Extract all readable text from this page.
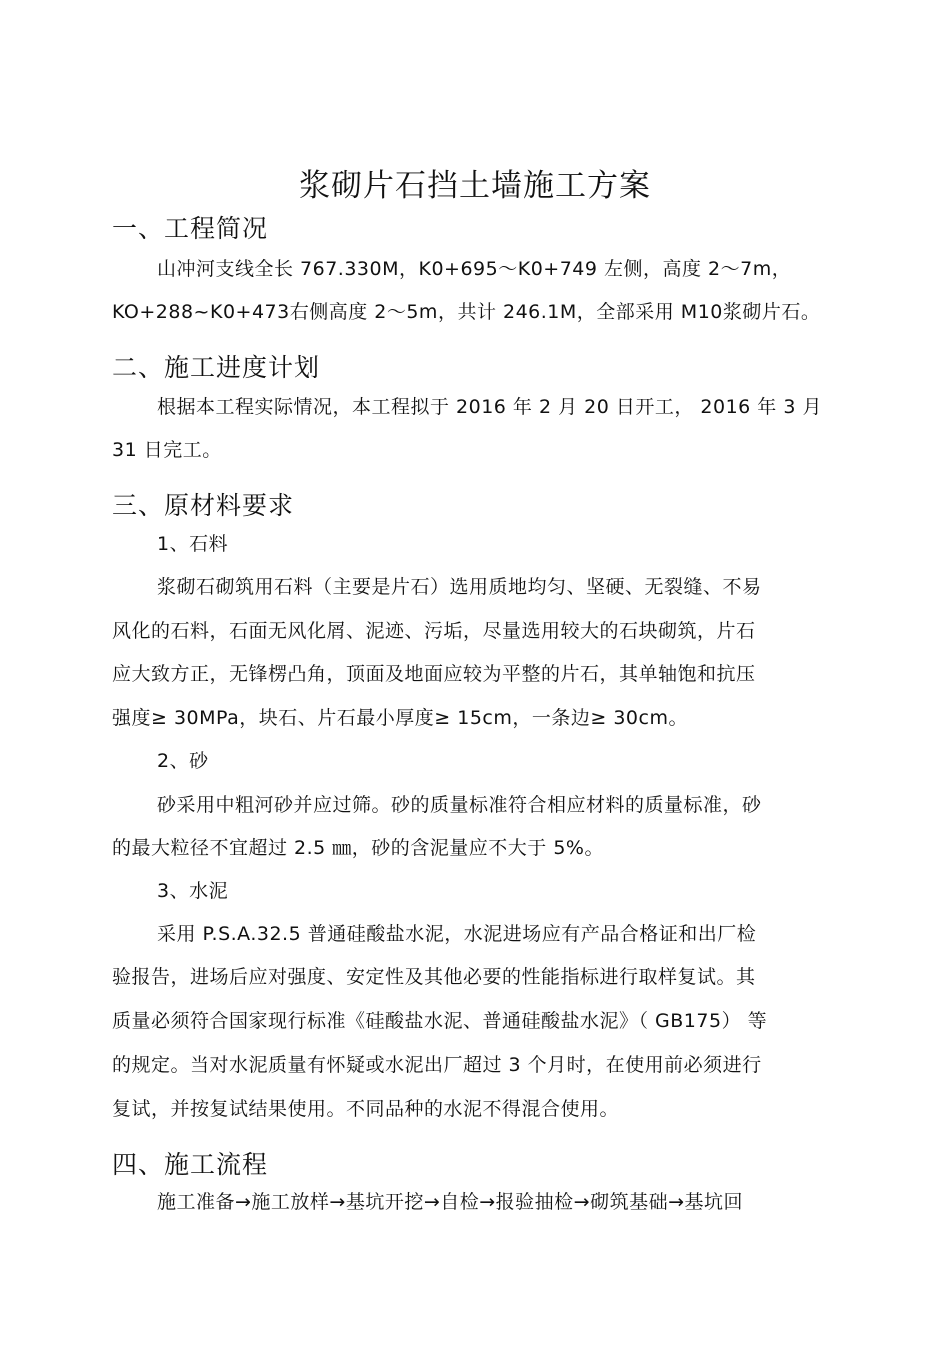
浆砌片石挡土墙施工方案
一、工程简况
山冲河支线全长 767.330M，K0+695～K0+749 左侧，高度 2～7m，
KO+288~K0+473右侧高度 2～5m，共计 246.1M，全部采用 M10浆砌片石。
二、施工进度计划
根据本工程实际情况，本工程拟于 2016 年 2 月 20 日开工， 2016 年 3 月
31 日完工。
三、原材料要求
1、石料
浆砌石砌筑用石料（主要是片石）选用质地均匀、坚硬、无裂缝、不易
风化的石料，石面无风化屑、泥迹、污垢，尽量选用较大的石块砌筑，片石
应大致方正，无锋楞凸角，顶面及地面应较为平整的片石，其单轴饱和抗压
强度≥ 30MPa，块石、片石最小厚度≥ 15cm，一条边≥ 30cm。
2、砂
砂采用中粗河砂并应过筛。砂的质量标准符合相应材料的质量标准，砂
的最大粒径不宜超过 2.5 ㎜，砂的含泥量应不大于 5%。
3、水泥
采用 P.S.A.32.5 普通硅酸盐水泥，水泥进场应有产品合格证和出厂检
验报告，进场后应对强度、安定性及其他必要的性能指标进行取样复试。其
质量必须符合国家现行标准《硅酸盐水泥、普通硅酸盐水泥》（ GB175） 等
的规定。当对水泥质量有怀疑或水泥出厂超过 3 个月时，在使用前必须进行
复试，并按复试结果使用。不同品种的水泥不得混合使用。
四、施工流程
施工准备→施工放样→基坑开挖→自检→报验抽检→砌筑基础→基坑回
